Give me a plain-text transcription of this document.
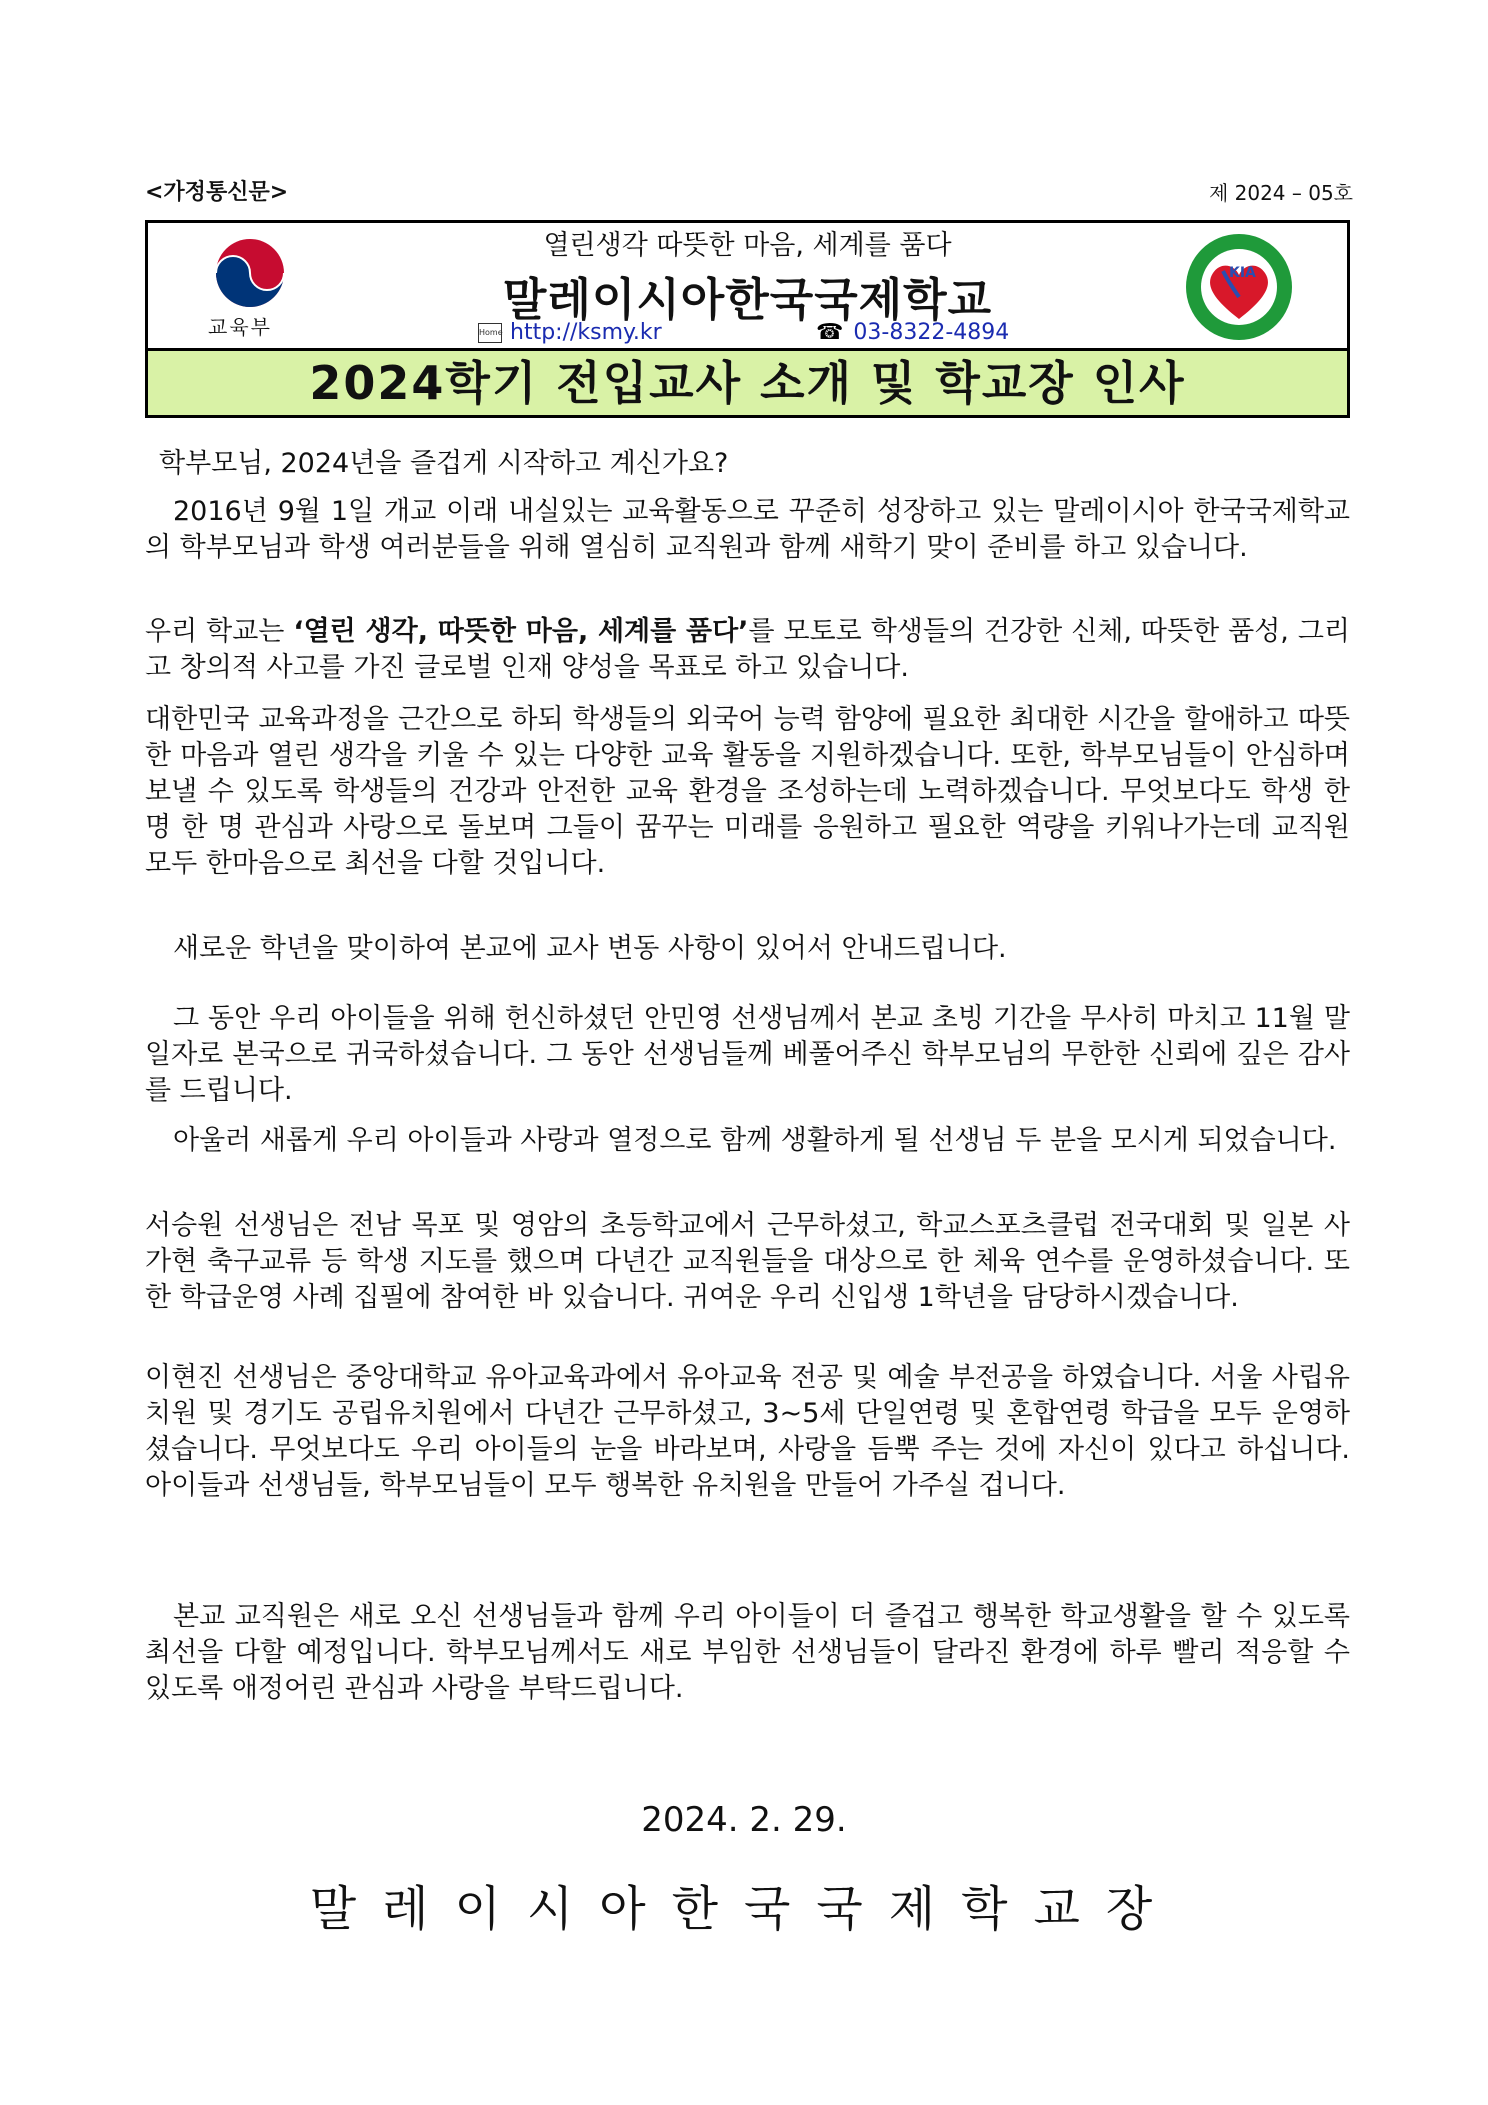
<가정통신문>	제 2024 – 05호
교육부
열린생각 따뜻한 마음, 세계를 품다
말레이시아한국국제학교
Home http://ksmy.kr	☎ 03-8322-4894
KIA
2024학기 전입교사 소개 및 학교장 인사

학부모님, 2024년을 즐겁게 시작하고 계신가요?

2016년 9월 1일 개교 이래 내실있는 교육활동으로 꾸준히 성장하고 있는 말레이시아 한국국제학교의 학부모님과 학생 여러분들을 위해 열심히 교직원과 함께 새학기 맞이 준비를 하고 있습니다.

우리 학교는 ‘열린 생각, 따뜻한 마음, 세계를 품다’를 모토로 학생들의 건강한 신체, 따뜻한 품성, 그리고 창의적 사고를 가진 글로벌 인재 양성을 목표로 하고 있습니다.

대한민국 교육과정을 근간으로 하되 학생들의 외국어 능력 함양에 필요한 최대한 시간을 할애하고 따뜻한 마음과 열린 생각을 키울 수 있는 다양한 교육 활동을 지원하겠습니다. 또한, 학부모님들이 안심하며 보낼 수 있도록 학생들의 건강과 안전한 교육 환경을 조성하는데 노력하겠습니다. 무엇보다도 학생 한 명 한 명 관심과 사랑으로 돌보며 그들이 꿈꾸는 미래를 응원하고 필요한 역량을 키워나가는데 교직원 모두 한마음으로 최선을 다할 것입니다.

새로운 학년을 맞이하여 본교에 교사 변동 사항이 있어서 안내드립니다.

그 동안 우리 아이들을 위해 헌신하셨던 안민영 선생님께서 본교 초빙 기간을 무사히 마치고 11월 말일자로 본국으로 귀국하셨습니다. 그 동안 선생님들께 베풀어주신 학부모님의 무한한 신뢰에 깊은 감사를 드립니다.

아울러 새롭게 우리 아이들과 사랑과 열정으로 함께 생활하게 될 선생님 두 분을 모시게 되었습니다.

서승원 선생님은 전남 목포 및 영암의 초등학교에서 근무하셨고, 학교스포츠클럽 전국대회 및 일본 사가현 축구교류 등 학생 지도를 했으며 다년간 교직원들을 대상으로 한 체육 연수를 운영하셨습니다. 또한 학급운영 사례 집필에 참여한 바 있습니다. 귀여운 우리 신입생 1학년을 담당하시겠습니다.

이현진 선생님은 중앙대학교 유아교육과에서 유아교육 전공 및 예술 부전공을 하였습니다. 서울 사립유치원 및 경기도 공립유치원에서 다년간 근무하셨고, 3~5세 단일연령 및 혼합연령 학급을 모두 운영하셨습니다. 무엇보다도 우리 아이들의 눈을 바라보며, 사랑을 듬뿍 주는 것에 자신이 있다고 하십니다. 아이들과 선생님들, 학부모님들이 모두 행복한 유치원을 만들어 가주실 겁니다.

본교 교직원은 새로 오신 선생님들과 함께 우리 아이들이 더 즐겁고 행복한 학교생활을 할 수 있도록 최선을 다할 예정입니다. 학부모님께서도 새로 부임한 선생님들이 달라진 환경에 하루 빨리 적응할 수 있도록 애정어린 관심과 사랑을 부탁드립니다.

2024. 2. 29.
말레이시아한국국제학교장
